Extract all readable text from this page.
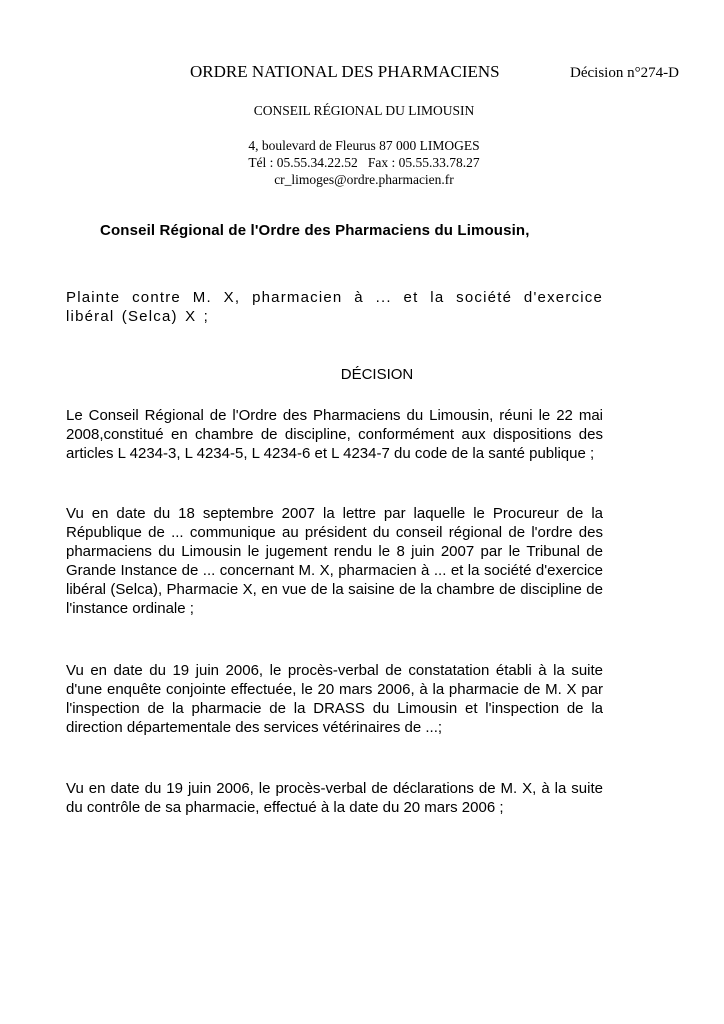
ORDRE NATIONAL DES PHARMACIENS	Décision n°274-D
CONSEIL RÉGIONAL DU LIMOUSIN
4, boulevard de Fleurus 87 000 LIMOGES
Tél : 05.55.34.22.52   Fax : 05.55.33.78.27
cr_limoges@ordre.pharmacien.fr
Conseil Régional de l'Ordre des Pharmaciens du Limousin,

Plainte contre M. X, pharmacien à ... et la société d'exercice libéral (Selca) X ;

DÉCISION

Le Conseil Régional de l'Ordre des Pharmaciens du Limousin, réuni le 22 mai 2008,constitué en chambre de discipline, conformément aux dispositions des articles L 4234-3, L 4234-5, L 4234-6 et L 4234-7 du code de la santé publique ;

Vu en date du 18 septembre 2007 la lettre par laquelle le Procureur de la République de ... communique au président du conseil régional de l'ordre des pharmaciens du Limousin le jugement rendu le 8 juin 2007 par le Tribunal de Grande Instance de ... concernant M. X, pharmacien à ... et la société d'exercice libéral (Selca), Pharmacie X, en vue de la saisine de la chambre de discipline de l'instance ordinale ;

Vu en date du 19 juin 2006, le procès-verbal de constatation établi à la suite d'une enquête conjointe effectuée, le 20 mars 2006, à la pharmacie de M. X par l'inspection de la pharmacie de la DRASS du Limousin et l'inspection de la direction départementale des services vétérinaires de ...;

Vu en date du 19 juin 2006, le procès-verbal de déclarations de M. X, à la suite du contrôle de sa pharmacie, effectué à la date du 20 mars 2006 ;
